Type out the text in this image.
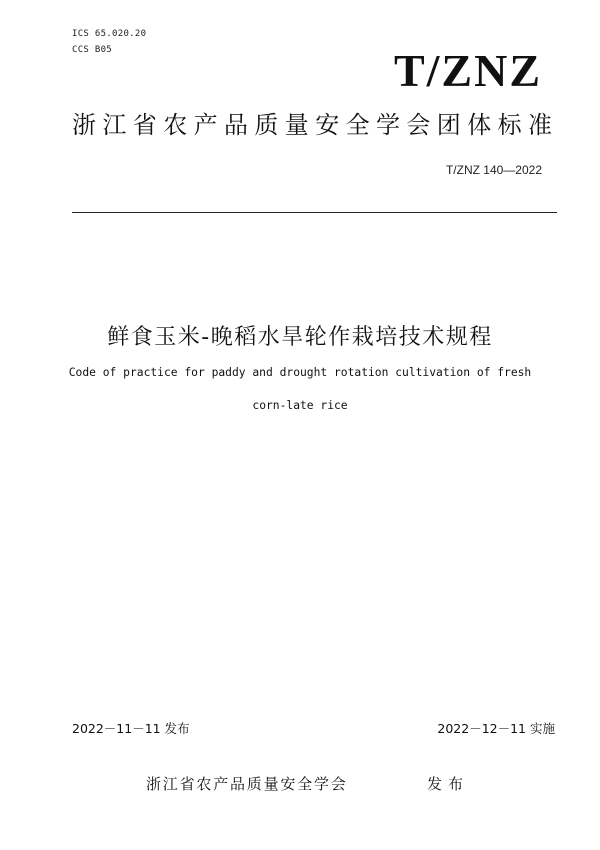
ICS 65.020.20
CCS B05	T/ZNZ
浙江省农产品质量安全学会团体标准
T/ZNZ 140—2022
鲜食玉米-晚稻水旱轮作栽培技术规程
Code of practice for paddy and drought rotation cultivation of fresh
corn-late rice
2022－11－11 发布	2022－12－11 实施
浙江省农产品质量安全学会	发布
